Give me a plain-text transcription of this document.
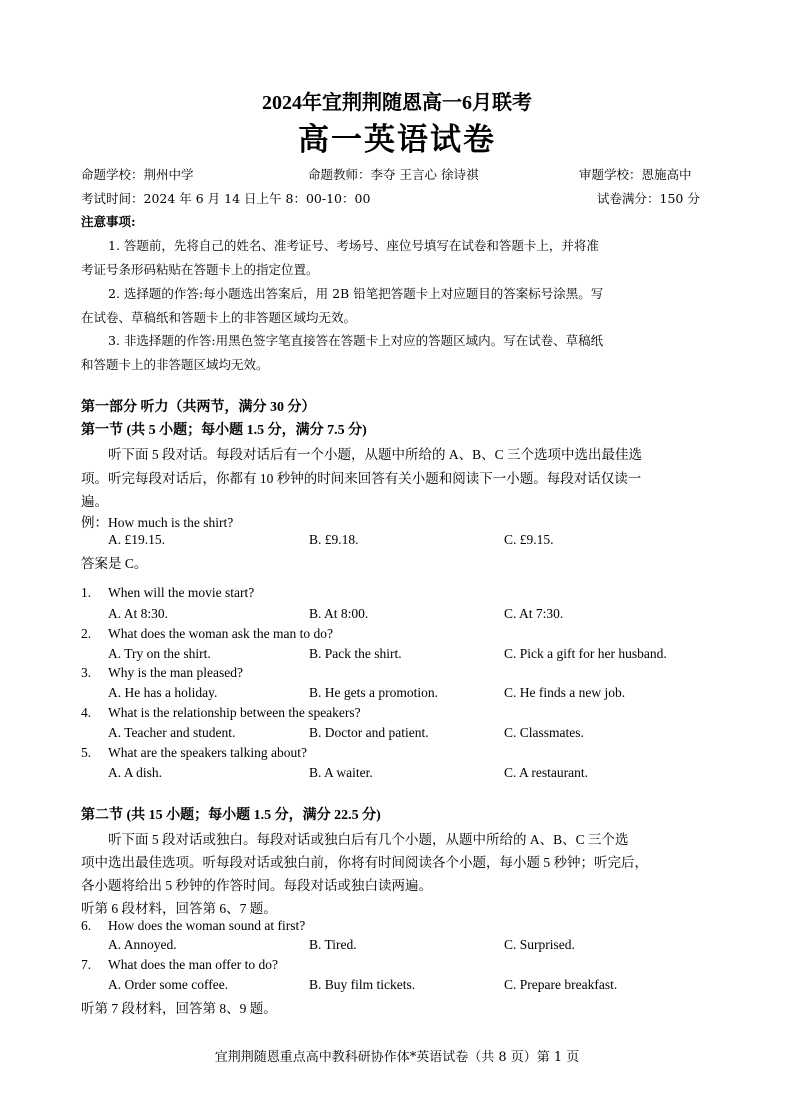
2024年宜荆荆随恩高一6月联考
高一英语试卷
命题学校：荆州中学	命题教师：李夺 王言心 徐诗祺	审题学校：恩施高中
考试时间：2024 年 6 月 14 日上午 8：00-10：00	试卷满分：150 分
注意事项:
1. 答题前，先将自己的姓名、准考证号、考场号、座位号填写在试卷和答题卡上，并将准
考证号条形码粘贴在答题卡上的指定位置。
2. 选择题的作答:每小题选出答案后，用 2B 铅笔把答题卡上对应题目的答案标号涂黑。写
在试卷、草稿纸和答题卡上的非答题区域均无效。
3. 非选择题的作答:用黑色签字笔直接答在答题卡上对应的答题区域内。写在试卷、草稿纸
和答题卡上的非答题区域均无效。
第一部分 听力（共两节，满分 30 分）
第一节 (共 5 小题；每小题 1.5 分，满分 7.5 分)
听下面 5 段对话。每段对话后有一个小题，从题中所给的 A、B、C 三个选项中选出最佳选
项。听完每段对话后，你都有 10 秒钟的时间来回答有关小题和阅读下一小题。每段对话仅读一
遍。
例：How much is the shirt?
A. £19.15.	B. £9.18.	C. £9.15.
答案是 C。
1. When will the movie start?
A. At 8:30.	B. At 8:00.	C. At 7:30.
2. What does the woman ask the man to do?
A. Try on the shirt.	B. Pack the shirt.	C. Pick a gift for her husband.
3. Why is the man pleased?
A. He has a holiday.	B. He gets a promotion.	C. He finds a new job.
4. What is the relationship between the speakers?
A. Teacher and student.	B. Doctor and patient.	C. Classmates.
5. What are the speakers talking about?
A. A dish.	B. A waiter.	C. A restaurant.
第二节 (共 15 小题；每小题 1.5 分，满分 22.5 分)
听下面 5 段对话或独白。每段对话或独白后有几个小题，从题中所给的 A、B、C 三个选
项中选出最佳选项。听每段对话或独白前，你将有时间阅读各个小题，每小题 5 秒钟；听完后，
各小题将给出 5 秒钟的作答时间。每段对话或独白读两遍。
听第 6 段材料，回答第 6、7 题。
6. How does the woman sound at first?
A. Annoyed.	B. Tired.	C. Surprised.
7. What does the man offer to do?
A. Order some coffee.	B. Buy film tickets.	C. Prepare breakfast.
听第 7 段材料，回答第 8、9 题。
宜荆荆随恩重点高中教科研协作体*英语试卷（共 8 页）第 1 页
